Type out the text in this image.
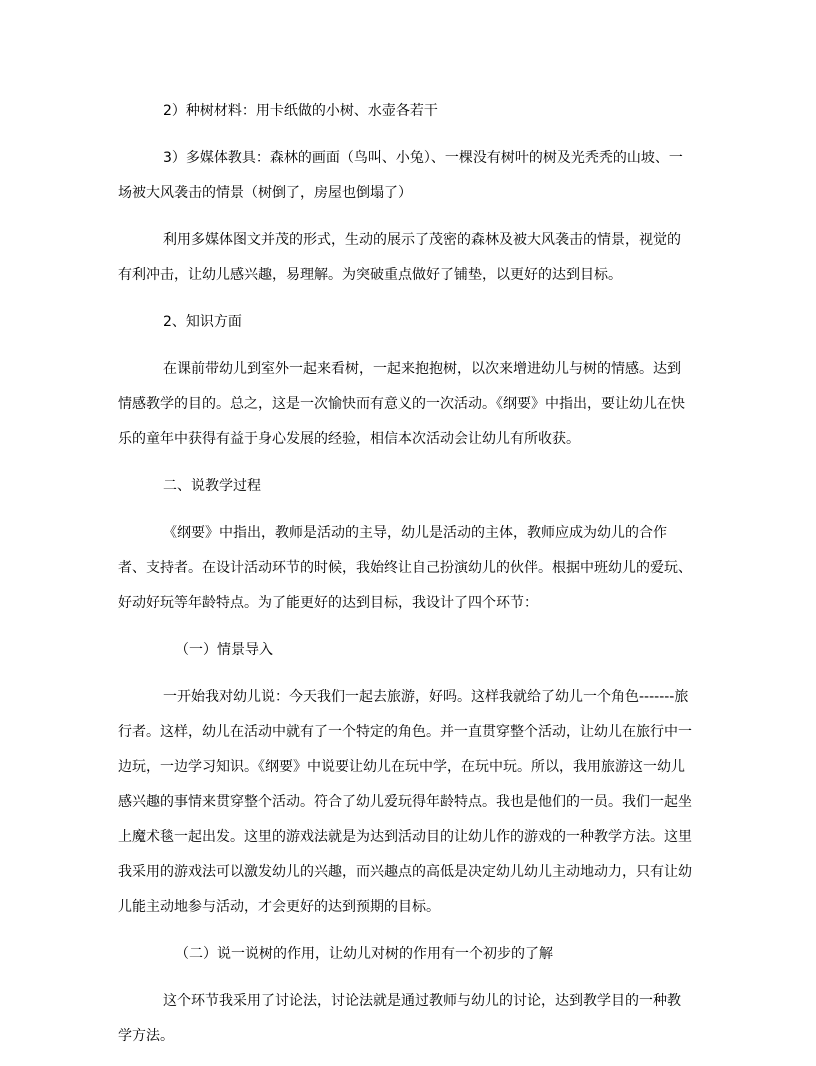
2）种树材料：用卡纸做的小树、水壶各若干

3）多媒体教具：森林的画面（鸟叫、小兔）、一棵没有树叶的树及光秃秃的山坡、一场被大风袭击的情景（树倒了，房屋也倒塌了）

利用多媒体图文并茂的形式，生动的展示了茂密的森林及被大风袭击的情景，视觉的有利冲击，让幼儿感兴趣，易理解。为突破重点做好了铺垫，以更好的达到目标。

2、知识方面

在课前带幼儿到室外一起来看树，一起来抱抱树，以次来增进幼儿与树的情感。达到情感教学的目的。总之，这是一次愉快而有意义的一次活动。《纲要》中指出，要让幼儿在快乐的童年中获得有益于身心发展的经验，相信本次活动会让幼儿有所收获。

二、说教学过程

《纲要》中指出，教师是活动的主导，幼儿是活动的主体，教师应成为幼儿的合作者、支持者。在设计活动环节的时候，我始终让自己扮演幼儿的伙伴。根据中班幼儿的爱玩、好动好玩等年龄特点。为了能更好的达到目标，我设计了四个环节：

（一）情景导入

一开始我对幼儿说：今天我们一起去旅游，好吗。这样我就给了幼儿一个角色-------旅行者。这样，幼儿在活动中就有了一个特定的角色。并一直贯穿整个活动，让幼儿在旅行中一边玩，一边学习知识。《纲要》中说要让幼儿在玩中学，在玩中玩。所以，我用旅游这一幼儿感兴趣的事情来贯穿整个活动。符合了幼儿爱玩得年龄特点。我也是他们的一员。我们一起坐上魔术毯一起出发。这里的游戏法就是为达到活动目的让幼儿作的游戏的一种教学方法。这里我采用的游戏法可以激发幼儿的兴趣，而兴趣点的高低是决定幼儿幼儿主动地动力，只有让幼儿能主动地参与活动，才会更好的达到预期的目标。

（二）说一说树的作用，让幼儿对树的作用有一个初步的了解

这个环节我采用了讨论法，讨论法就是通过教师与幼儿的讨论，达到教学目的一种教学方法。
